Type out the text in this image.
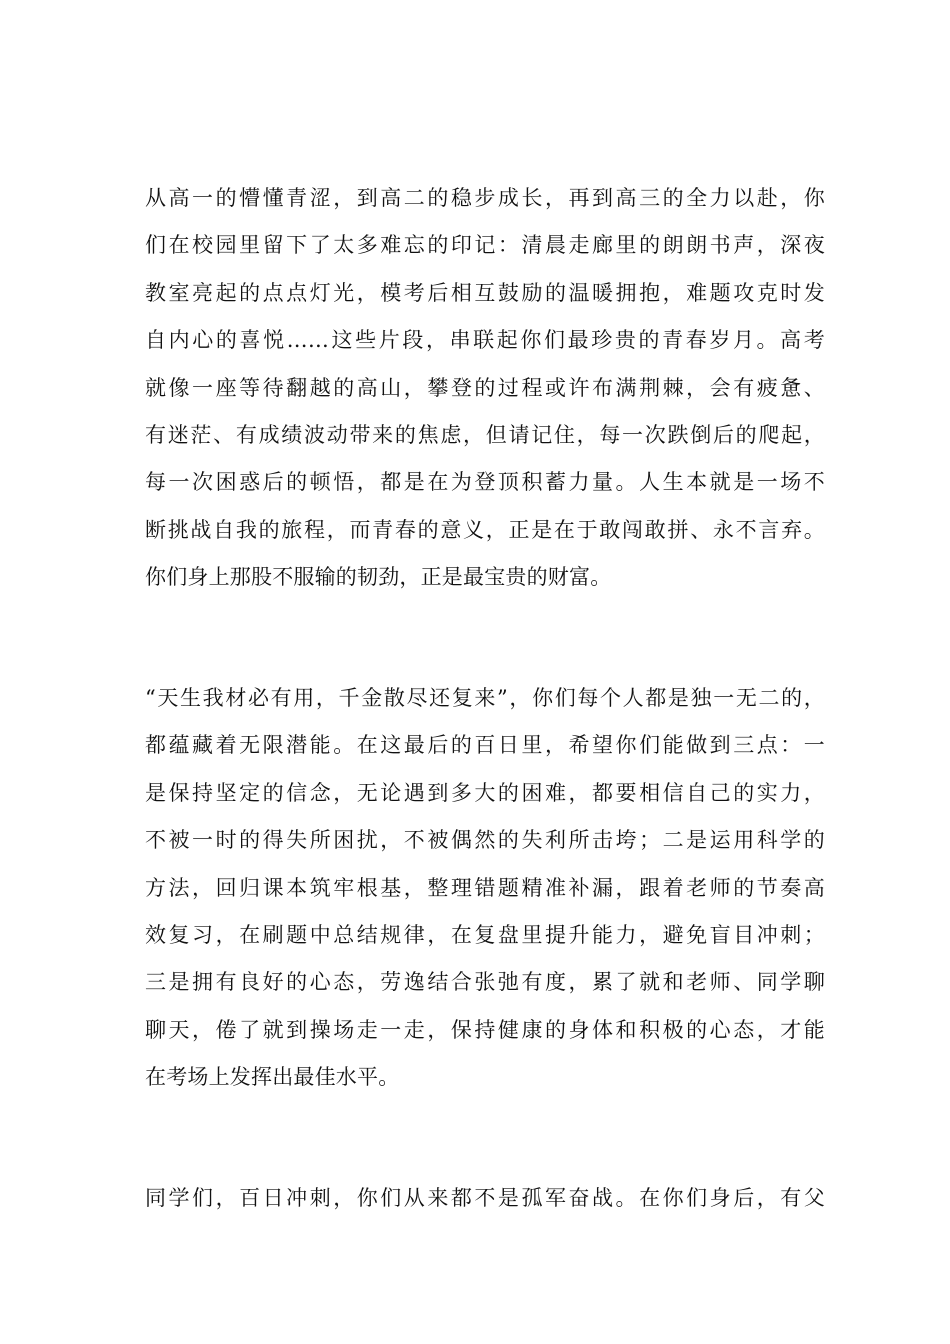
从高一的懵懂青涩，到高二的稳步成长，再到高三的全力以赴，你
们在校园里留下了太多难忘的印记：清晨走廊里的朗朗书声，深夜
教室亮起的点点灯光，模考后相互鼓励的温暖拥抱，难题攻克时发
自内心的喜悦……这些片段，串联起你们最珍贵的青春岁月。高考
就像一座等待翻越的高山，攀登的过程或许布满荆棘，会有疲惫、
有迷茫、有成绩波动带来的焦虑，但请记住，每一次跌倒后的爬起，
每一次困惑后的顿悟，都是在为登顶积蓄力量。人生本就是一场不
断挑战自我的旅程，而青春的意义，正是在于敢闯敢拼、永不言弃。
你们身上那股不服输的韧劲，正是最宝贵的财富。
“天生我材必有用，千金散尽还复来”，你们每个人都是独一无二的，
都蕴藏着无限潜能。在这最后的百日里，希望你们能做到三点：一
是保持坚定的信念，无论遇到多大的困难，都要相信自己的实力，
不被一时的得失所困扰，不被偶然的失利所击垮；二是运用科学的
方法，回归课本筑牢根基，整理错题精准补漏，跟着老师的节奏高
效复习，在刷题中总结规律，在复盘里提升能力，避免盲目冲刺；
三是拥有良好的心态，劳逸结合张弛有度，累了就和老师、同学聊
聊天，倦了就到操场走一走，保持健康的身体和积极的心态，才能
在考场上发挥出最佳水平。
同学们，百日冲刺，你们从来都不是孤军奋战。在你们身后，有父
